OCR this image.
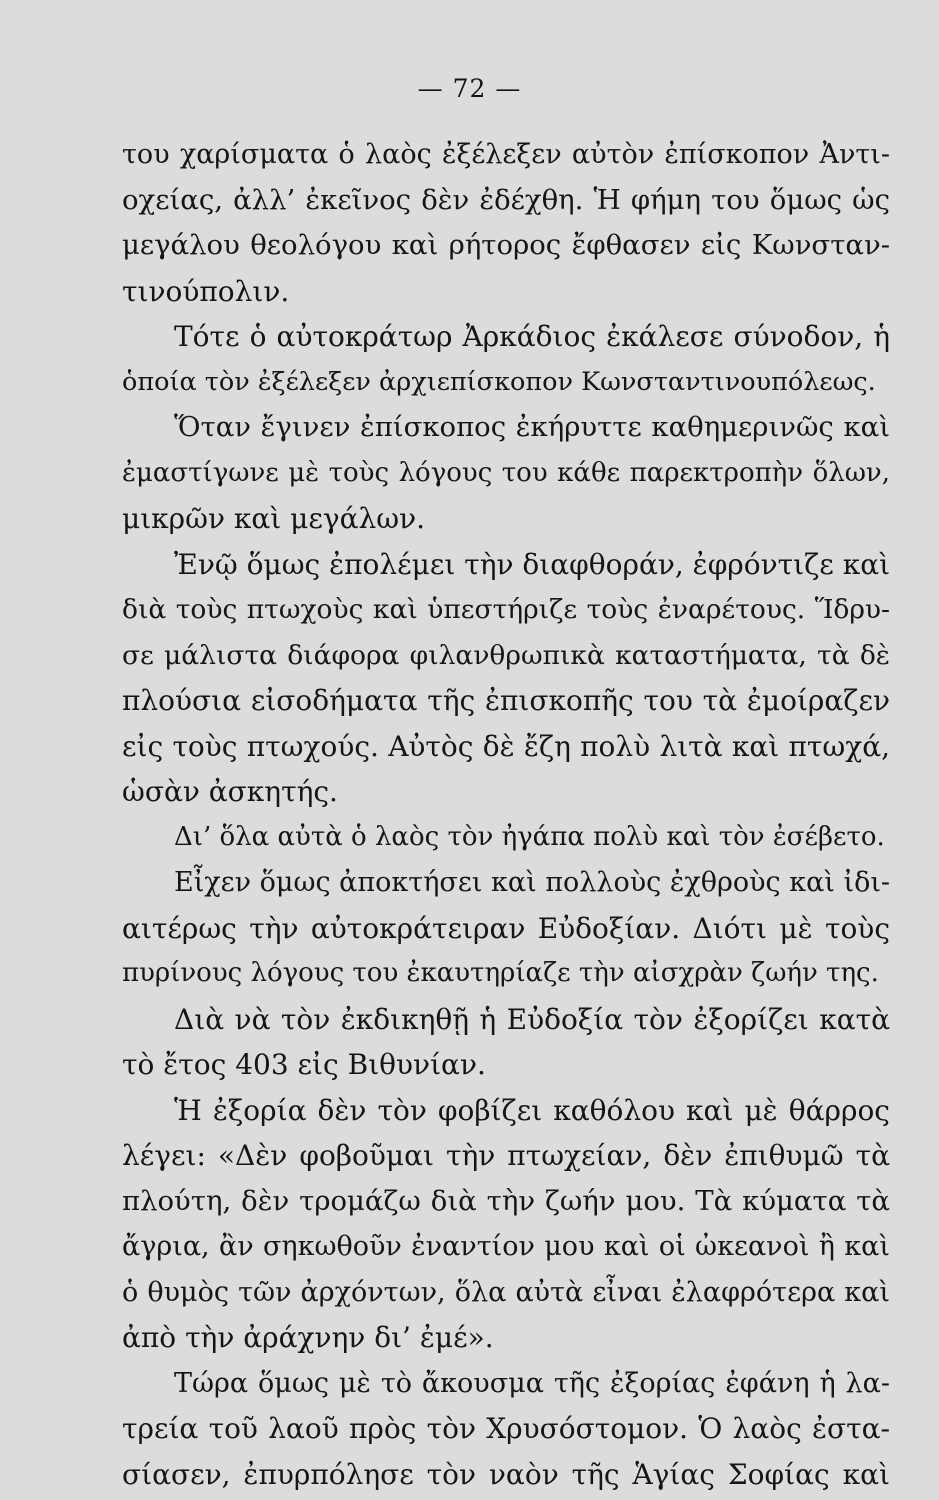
— 72 —
του χαρίσματα ὁ λαὸς ἐξέλεξεν αὐτὸν ἐπίσκοπον Ἀντι-
οχείας, ἀλλ’ ἐκεῖνος δὲν ἐδέχθη. Ἡ φήμη του ὅμως ὡς
μεγάλου θεολόγου καὶ ρήτορος ἔφθασεν εἰς Κωνσταν-
τινούπολιν.
Τότε ὁ αὐτοκράτωρ Ἀρκάδιος ἐκάλεσε σύνοδον, ἡ
ὁποία τὸν ἐξέλεξεν ἀρχιεπίσκοπον Κωνσταντινουπόλεως.
Ὅταν ἔγινεν ἐπίσκοπος ἐκήρυττε καθημερινῶς καὶ
ἐμαστίγωνε μὲ τοὺς λόγους του κάθε παρεκτροπὴν ὅλων,
μικρῶν καὶ μεγάλων.
Ἐνῷ ὅμως ἐπολέμει τὴν διαφθοράν, ἐφρόντιζε καὶ
διὰ τοὺς πτωχοὺς καὶ ὑπεστήριζε τοὺς ἐναρέτους. Ἵδρυ-
σε μάλιστα διάφορα φιλανθρωπικὰ καταστήματα, τὰ δὲ
πλούσια εἰσοδήματα τῆς ἐπισκοπῆς του τὰ ἐμοίραζεν
εἰς τοὺς πτωχούς. Αὐτὸς δὲ ἔζη πολὺ λιτὰ καὶ πτωχά,
ὡσὰν ἀσκητής.
Δι’ ὅλα αὐτὰ ὁ λαὸς τὸν ἠγάπα πολὺ καὶ τὸν ἐσέβετο.
Εἶχεν ὅμως ἀποκτήσει καὶ πολλοὺς ἐχθροὺς καὶ ἰδι-
αιτέρως τὴν αὐτοκράτειραν Εὐδοξίαν. Διότι μὲ τοὺς
πυρίνους λόγους του ἐκαυτηρίαζε τὴν αἰσχρὰν ζωήν της.
Διὰ νὰ τὸν ἐκδικηθῇ ἡ Εὐδοξία τὸν ἐξορίζει κατὰ
τὸ ἔτος 403 εἰς Βιθυνίαν.
Ἡ ἐξορία δὲν τὸν φοβίζει καθόλου καὶ μὲ θάρρος
λέγει: «Δὲν φοβοῦμαι τὴν πτωχείαν, δὲν ἐπιθυμῶ τὰ
πλούτη, δὲν τρομάζω διὰ τὴν ζωήν μου. Τὰ κύματα τὰ
ἄγρια, ἂν σηκωθοῦν ἐναντίον μου καὶ οἱ ὠκεανοὶ ἢ καὶ
ὁ θυμὸς τῶν ἀρχόντων, ὅλα αὐτὰ εἶναι ἐλαφρότερα καὶ
ἀπὸ τὴν ἀράχνην δι’ ἐμέ».
Τώρα ὅμως μὲ τὸ ἄκουσμα τῆς ἐξορίας ἐφάνη ἡ λα-
τρεία τοῦ λαοῦ πρὸς τὸν Χρυσόστομον. Ὁ λαὸς ἐστα-
σίασεν, ἐπυρπόλησε τὸν ναὸν τῆς Ἁγίας Σοφίας καὶ
